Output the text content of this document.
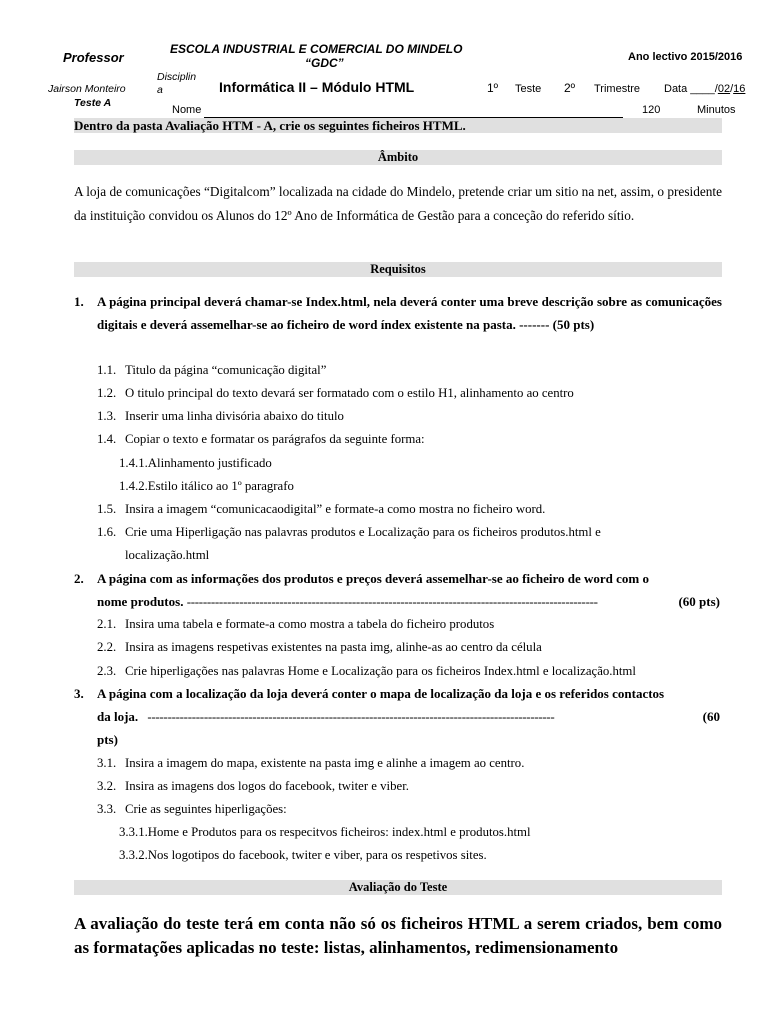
Professor
Jairson Monteiro
Teste A
ESCOLA INDUSTRIAL E COMERCIAL DO MINDELO
“GDC”
Disciplin
a	Informática II – Módulo HTML	1º Teste 2º Trimestre
Ano lectivo 2015/2016
Data ____/02/16
Nome	120	Minutos
Dentro da pasta Avaliação HTM - A, crie os seguintes ficheiros HTML.
Âmbito
A loja de comunicações “Digitalcom” localizada na cidade do Mindelo, pretende criar um sitio na net, assim, o presidente da instituição convidou os Alunos do 12º Ano de Informática de Gestão para a conceção do referido sítio.
Requisitos
1.	A página principal deverá chamar-se Index.html, nela deverá conter uma breve descrição sobre as comunicações digitais e deverá assemelhar-se ao ficheiro de word índex existente na pasta. ------- (50 pts)
1.1. Titulo da página “comunicação digital”
1.2. O titulo principal do texto devará ser formatado com o estilo H1, alinhamento ao centro
1.3. Inserir uma linha divisória abaixo do titulo
1.4. Copiar o texto e formatar os parágrafos da seguinte forma:
1.4.1.Alinhamento justificado
1.4.2.Estilo itálico ao 1º paragrafo
1.5. Insira a imagem “comunicacaodigital” e formate-a como mostra no ficheiro word.
1.6. Crie uma Hiperligação nas palavras produtos e Localização para os ficheiros produtos.html e
localização.html
2.	A página com as informações dos produtos e preços deverá assemelhar-se ao ficheiro de word com o
nome produtos. ------------------------------------------------------------------------------------------------------	(60 pts)
2.1. Insira uma tabela e formate-a como mostra a tabela do ficheiro produtos
2.2. Insira as imagens respetivas existentes na pasta img, alinhe-as ao centro da célula
2.3. Crie hiperligações nas palavras Home e Localização para os ficheiros Index.html e localização.html
3.	A página com a localização da loja deverá conter o mapa de localização da loja e os referidos contactos
da loja. -----------------------------------------------------------------------------------------------------	(60
pts)
3.1. Insira a imagem do mapa, existente na pasta img e alinhe a imagem ao centro.
3.2. Insira as imagens dos logos do facebook, twiter e viber.
3.3. Crie as seguintes hiperligações:
3.3.1.Home e Produtos para os respecitvos ficheiros: index.html e produtos.html
3.3.2.Nos logotipos do facebook, twiter e viber, para os respetivos sites.
Avaliação do Teste
A avaliação do teste terá em conta não só os ficheiros HTML a serem criados, bem como as formatações aplicadas no teste: listas, alinhamentos, redimensionamento
